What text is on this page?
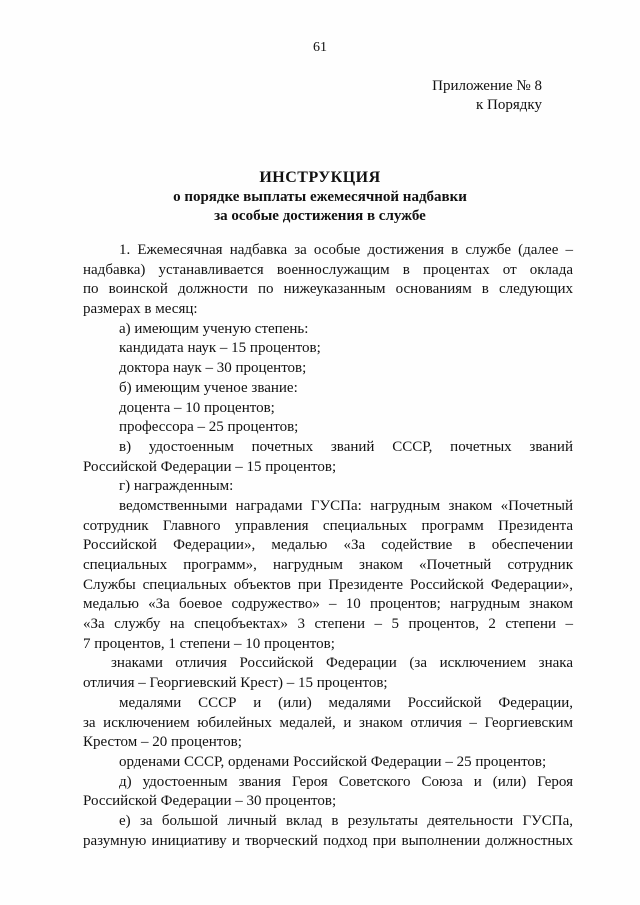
61
Приложение № 8
к Порядку
ИНСТРУКЦИЯ
о порядке выплаты ежемесячной надбавки
за особые достижения в службе
1. Ежемесячная надбавка за особые достижения в службе (далее –
надбавка) устанавливается военнослужащим в процентах от оклада
по воинской должности по нижеуказанным основаниям в следующих
размерах в месяц:
а) имеющим ученую степень:
кандидата наук – 15 процентов;
доктора наук – 30 процентов;
б) имеющим ученое звание:
доцента – 10 процентов;
профессора – 25 процентов;
в) удостоенным почетных званий СССР, почетных званий
Российской Федерации – 15 процентов;
г) награжденным:
ведомственными наградами ГУСПа: нагрудным знаком «Почетный
сотрудник Главного управления специальных программ Президента
Российской Федерации», медалью «За содействие в обеспечении
специальных программ», нагрудным знаком «Почетный сотрудник
Службы специальных объектов при Президенте Российской Федерации»,
медалью «За боевое содружество» – 10 процентов; нагрудным знаком
«За службу на спецобъектах» 3 степени – 5 процентов, 2 степени –
7 процентов, 1 степени – 10 процентов;
знаками отличия Российской Федерации (за исключением знака
отличия – Георгиевский Крест) – 15 процентов;
медалями СССР и (или) медалями Российской Федерации,
за исключением юбилейных медалей, и знаком отличия – Георгиевским
Крестом – 20 процентов;
орденами СССР, орденами Российской Федерации – 25 процентов;
д) удостоенным звания Героя Советского Союза и (или) Героя
Российской Федерации – 30 процентов;
е) за большой личный вклад в результаты деятельности ГУСПа,
разумную инициативу и творческий подход при выполнении должностных
